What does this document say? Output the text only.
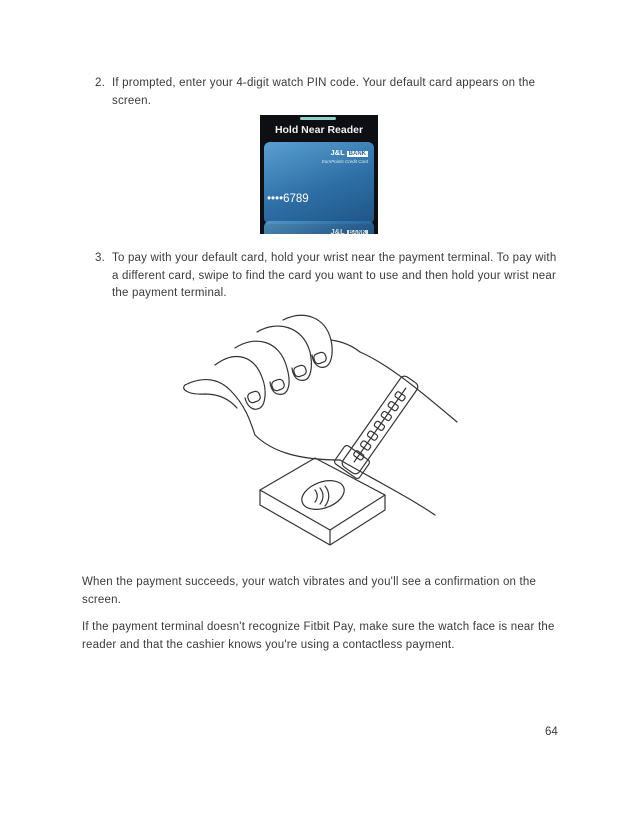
2. If prompted, enter your 4-digit watch PIN code. Your default card appears on the screen.
Hold Near Reader
J&L BANK
EarnPoints Credit Card
••••6789
J&L BANK
3. To pay with your default card, hold your wrist near the payment terminal. To pay with a different card, swipe to find the card you want to use and then hold your wrist near the payment terminal.
When the payment succeeds, your watch vibrates and you'll see a confirmation on the screen.
If the payment terminal doesn't recognize Fitbit Pay, make sure the watch face is near the reader and that the cashier knows you're using a contactless payment.
64
